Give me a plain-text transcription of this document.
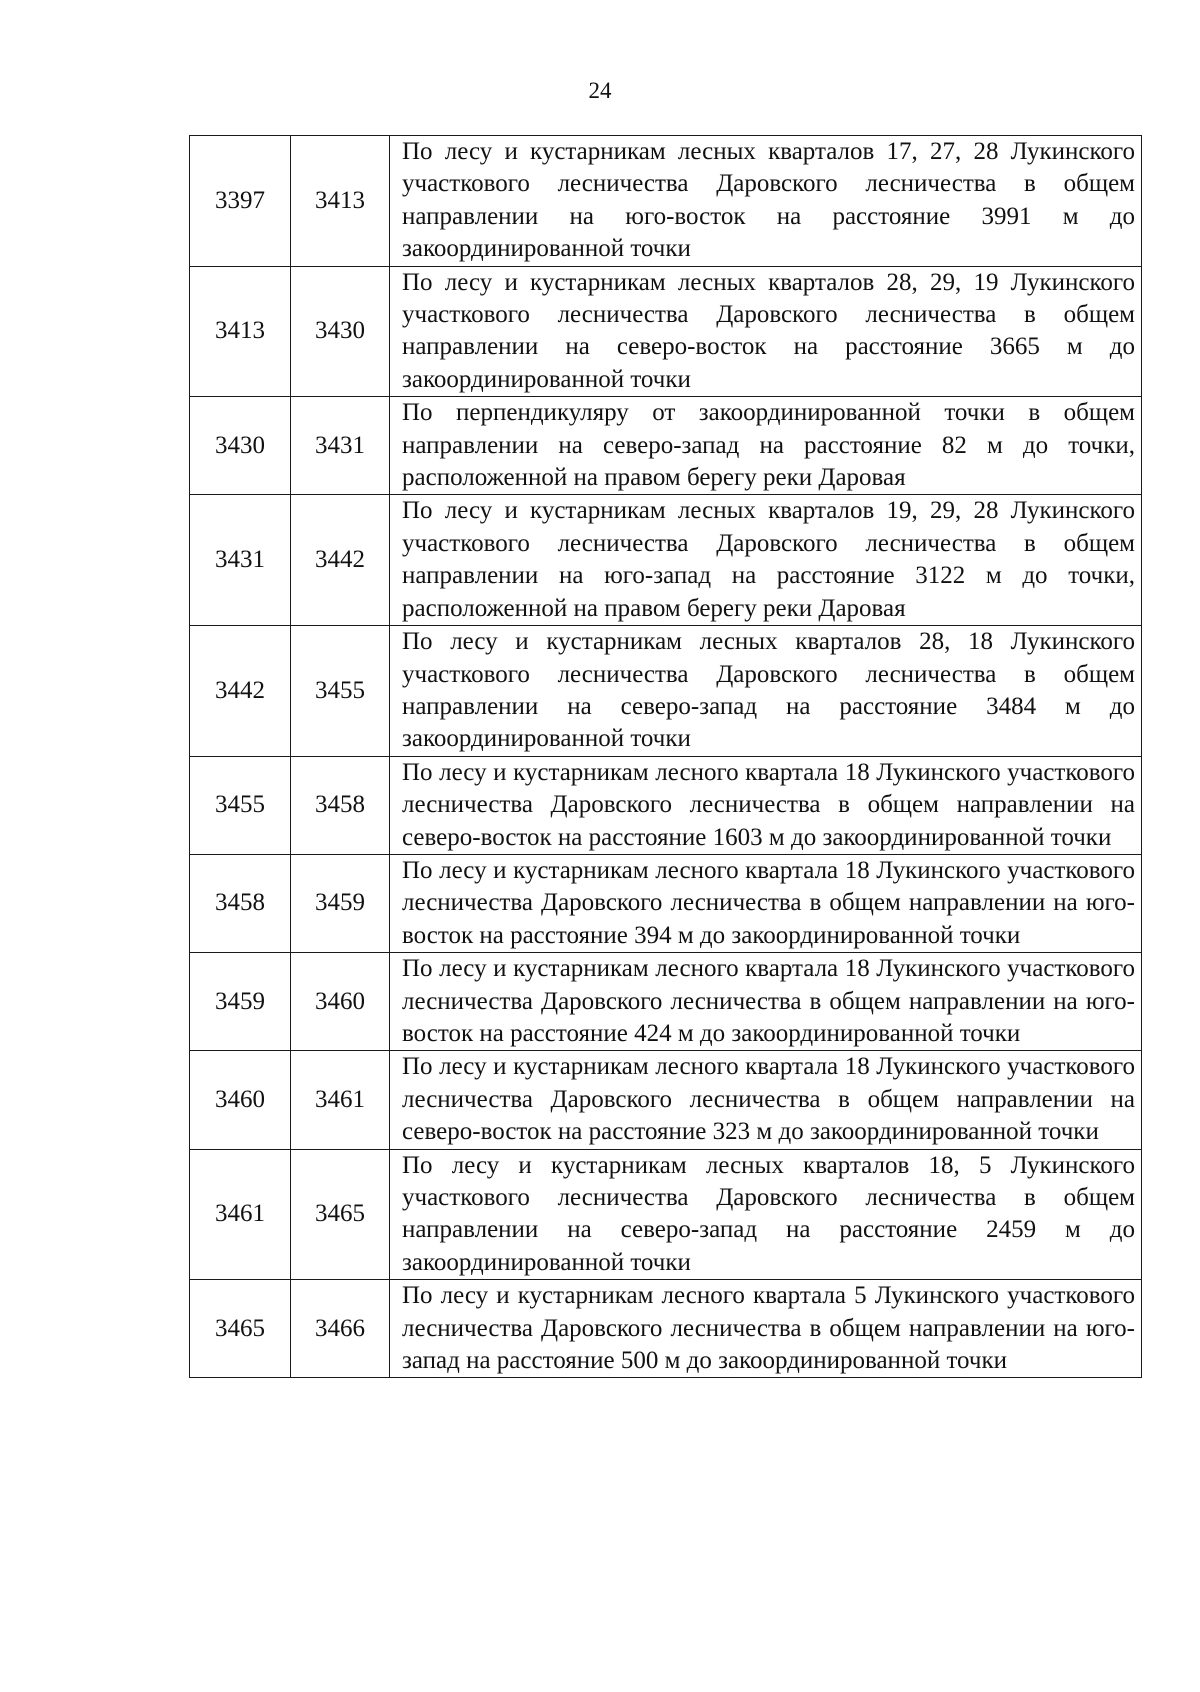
24
3397	3413	По лесу и кустарникам лесных кварталов 17, 27, 28 Лукинского участкового лесничества Даровского лесничества в общем направлении на юго-восток на расстояние 3991 м до закоординированной точки
3413	3430	По лесу и кустарникам лесных кварталов 28, 29, 19 Лукинского участкового лесничества Даровского лесничества в общем направлении на северо-восток на расстояние 3665 м до закоординированной точки
3430	3431	По перпендикуляру от закоординированной точки в общем направлении на северо-запад на расстояние 82 м до точки, расположенной на правом берегу реки Даровая
3431	3442	По лесу и кустарникам лесных кварталов 19, 29, 28 Лукинского участкового лесничества Даровского лесничества в общем направлении на юго-запад на расстояние 3122 м до точки, расположенной на правом берегу реки Даровая
3442	3455	По лесу и кустарникам лесных кварталов 28, 18 Лукинского участкового лесничества Даровского лесничества в общем направлении на северо-запад на расстояние 3484 м до закоординированной точки
3455	3458	По лесу и кустарникам лесного квартала 18 Лукинского участкового лесничества Даровского лесничества в общем направлении на северо-восток на расстояние 1603 м до закоординированной точки
3458	3459	По лесу и кустарникам лесного квартала 18 Лукинского участкового лесничества Даровского лесничества в общем направлении на юго-восток на расстояние 394 м до закоординированной точки
3459	3460	По лесу и кустарникам лесного квартала 18 Лукинского участкового лесничества Даровского лесничества в общем направлении на юго-восток на расстояние 424 м до закоординированной точки
3460	3461	По лесу и кустарникам лесного квартала 18 Лукинского участкового лесничества Даровского лесничества в общем направлении на северо-восток на расстояние 323 м до закоординированной точки
3461	3465	По лесу и кустарникам лесных кварталов 18, 5 Лукинского участкового лесничества Даровского лесничества в общем направлении на северо-запад на расстояние 2459 м до закоординированной точки
3465	3466	По лесу и кустарникам лесного квартала 5 Лукинского участкового лесничества Даровского лесничества в общем направлении на юго-запад на расстояние 500 м до закоординированной точки
